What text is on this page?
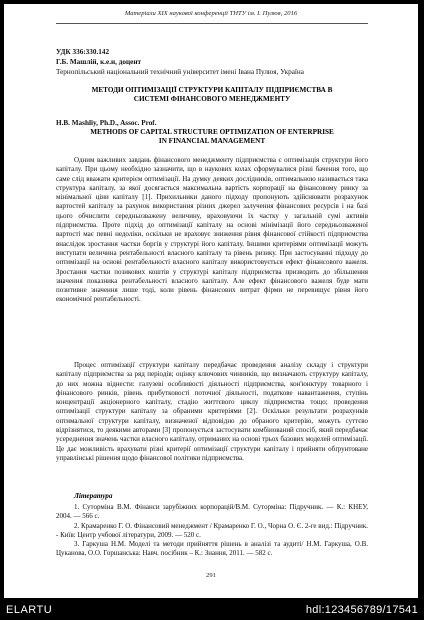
Матеріали ХІХ наукової конференції ТНТУ ім. І. Пулюя, 2016
УДК 336:330.142
Г.Б. Машлій, к.е.н, доцент
Тернопільський національний технічний університет імені Івана Пулюя, Україна
МЕТОДИ ОПТИМІЗАЦІЇ СТРУКТУРИ КАПІТАЛУ ПІДПРИЄМСТВА В
СИСТЕМІ ФІНАНСОВОГО МЕНЕДЖМЕНТУ
H.B. Mashliy, Ph.D., Assoc. Prof.
METHODS OF CAPITAL STRUCTURE OPTIMIZATION OF ENTERPRISE
IN FINANCIAL MANAGEMENT

Одним важливих завдань фінансового менеджменту підприємства є оптимізація структури його капіталу. При цьому необхідно зазначити, що в наукових колах сформувалися різні бачення того, що саме слід вважати критерієм оптимізації. На думку деяких дослідників, оптимальною називається така структура капіталу, за якої досягається максимальна вартість корпорації на фінансовому ринку за мінімальної ціни капіталу [1]. Прихильники даного підходу пропонують здійснювати розрахунок вартостей капіталу за рахунок використання різних джерел залучення фінансових ресурсів і на базі цього обчислити середньозважену величину, враховуючи їх частку у загальній сумі активів підприємства. Проте підхід до оптимізації капіталу на основі мінімізації його середньозваженої вартості має певні недоліки, оскільки не враховує зниження рівня фінансової стійкості підприємства внаслідок зростання частки боргів у структурі його капіталу. Іншими критеріями оптимізації можуть виступати величина рентабельності власного капіталу та рівень ризику. При застосуванні підходу до оптимізації на основі рентабельності власного капіталу використовується ефект фінансового важеля. Зростання частки позикових коштів у структурі капіталу підприємства призводить до збільшення значення показника рентабельності власного капіталу. Але ефект фінансового важеля буде мати позитивне значення лише тоді, коли рівень фінансових витрат фірми не перевищує рівня його економічної рентабельності.

Процес оптимізації структури капіталу передбачає проведення аналізу складу і структури капіталу підприємства за ряд періодів; оцінку ключових чинників, що визначають структуру капіталу, до них можна віднести: галузеві особливості діяльності підприємства, кон'юнктуру товарного і фінансового ринків, рівень прибутковості поточної діяльності, податкове навантаження, ступінь концентрації акціонерного капіталу, стадію життєвого циклу підприємства тощо; проведення оптимізації структури капіталу за обраними критеріями [2]. Оскільки результати розрахунків оптимальної структури капіталу, визначеної відповідно до обраного критерію, можуть суттєво відрізнятися, то деякими авторами [3] пропонується застосувати комбінований спосіб, який передбачає усереднення значень частки власного капіталу, отриманих на основі трьох базових моделей оптимізації. Це дає можливість врахувати різні критерії оптимізації структури капіталу і прийняти обґрунтоване управлінські рішення щодо фінансової політики підприємства.

Література

1. Суторміна В.М. Фінанси зарубіжних корпорацій/В.М. Суторміна: Підручник. — К.: КНЕУ, 2004. — 566 с.

2. Крамаренко Г. О. Фінансовий менеджмент / Крамаренко Г. О., Чорна О. Є. 2-ге вид.: Підручник. - Київ: Центр учбової літератури, 2009. — 520 с.

3. Гаркуша Н.М. Моделі та методи прийняття рішень в аналізі та аудиті/ Н.М. Гаркуша, О.В. Цуканова, О.О. Горшанська: Навч. посібник – К.: Знання, 2011. — 582 с.

291
ELARTU	hdl:123456789/17541
